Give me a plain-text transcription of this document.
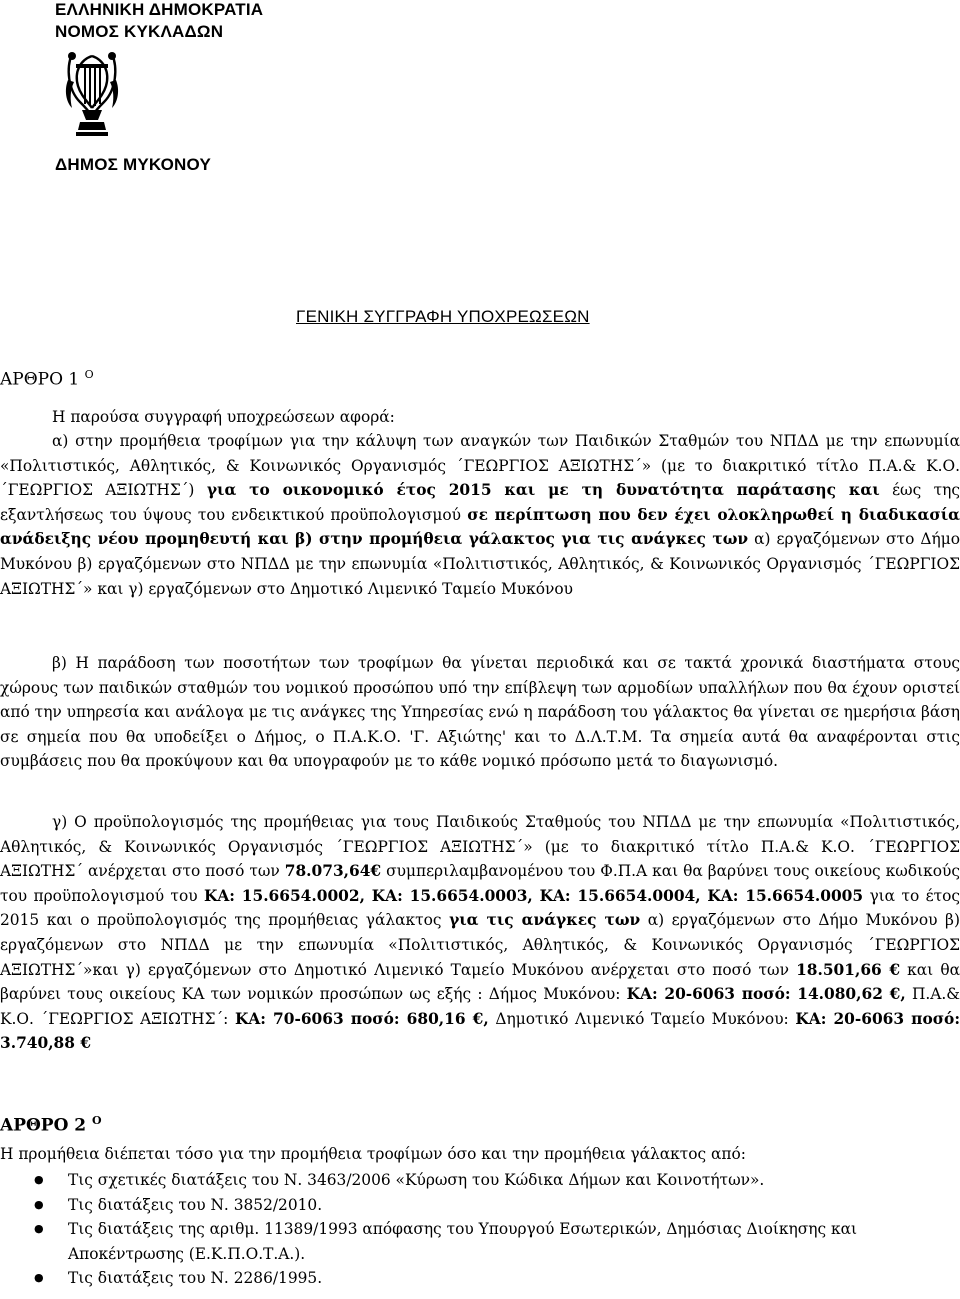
ΕΛΛΗΝΙΚΗ ΔΗΜΟΚΡΑΤΙΑ
ΝΟΜΟΣ ΚΥΚΛΑΔΩΝ
ΔΗΜΟΣ ΜΥΚΟΝΟΥ
ΓΕΝΙΚΗ ΣΥΓΓΡΑΦΗ ΥΠΟΧΡΕΩΣΕΩΝ
ΑΡΘΡΟ 1 $^O$
Η παρούσα συγγραφή υποχρεώσεων αφορά:
α) στην προμήθεια τροφίμων για την κάλυψη των αναγκών των Παιδικών Σταθμών του ΝΠΔΔ με την επωνυμία «Πολιτιστικός, Αθλητικός, & Κοινωνικός Οργανισμός ΄ΓΕΩΡΓΙΟΣ ΑΞΙΩΤΗΣ΄» (με το διακριτικό τίτλο Π.Α.& Κ.Ο. ΄ΓΕΩΡΓΙΟΣ ΑΞΙΩΤΗΣ΄) για το οικονομικό έτος 2015 και με τη δυνατότητα παράτασης και έως της εξαντλήσεως του ύψους του ενδεικτικού προϋπολογισμού σε περίπτωση που δεν έχει ολοκληρωθεί η διαδικασία ανάδειξης νέου προμηθευτή και β) στην προμήθεια γάλακτος για τις ανάγκες των α) εργαζόμενων στο Δήμο Μυκόνου β) εργαζόμενων στο ΝΠΔΔ με την επωνυμία «Πολιτιστικός, Αθλητικός, & Κοινωνικός Οργανισμός ΄ΓΕΩΡΓΙΟΣ ΑΞΙΩΤΗΣ΄» και γ) εργαζόμενων στο Δημοτικό Λιμενικό Ταμείο Μυκόνου
β) Η παράδοση των ποσοτήτων των τροφίμων θα γίνεται περιοδικά και σε τακτά χρονικά διαστήματα στους χώρους των παιδικών σταθμών του νομικού προσώπου υπό την επίβλεψη των αρμοδίων υπαλλήλων που θα έχουν οριστεί από την υπηρεσία και ανάλογα με τις ανάγκες της Υπηρεσίας ενώ η παράδοση του γάλακτος θα γίνεται σε ημερήσια βάση σε σημεία που θα υποδείξει ο Δήμος, ο Π.Α.Κ.Ο. 'Γ. Αξιώτης' και το Δ.Λ.Τ.Μ. Τα σημεία αυτά θα αναφέρονται στις συμβάσεις που θα προκύψουν και θα υπογραφούν με το κάθε νομικό πρόσωπο μετά το διαγωνισμό.
γ) Ο προϋπολογισμός της προμήθειας για τους Παιδικούς Σταθμούς του ΝΠΔΔ με την επωνυμία «Πολιτιστικός, Αθλητικός, & Κοινωνικός Οργανισμός ΄ΓΕΩΡΓΙΟΣ ΑΞΙΩΤΗΣ΄» (με το διακριτικό τίτλο Π.Α.& Κ.Ο. ΄ΓΕΩΡΓΙΟΣ ΑΞΙΩΤΗΣ΄ ανέρχεται στο ποσό των 78.073,64€ συμπεριλαμβανομένου του Φ.Π.Α και θα βαρύνει τους οικείους κωδικούς του προϋπολογισμού του ΚΑ: 15.6654.0002, ΚΑ: 15.6654.0003, ΚΑ: 15.6654.0004, ΚΑ: 15.6654.0005 για το έτος 2015 και ο προϋπολογισμός της προμήθειας γάλακτος για τις ανάγκες των α) εργαζόμενων στο Δήμο Μυκόνου β) εργαζόμενων στο ΝΠΔΔ με την επωνυμία «Πολιτιστικός, Αθλητικός, & Κοινωνικός Οργανισμός ΄ΓΕΩΡΓΙΟΣ ΑΞΙΩΤΗΣ΄»και γ) εργαζόμενων στο Δημοτικό Λιμενικό Ταμείο Μυκόνου ανέρχεται στο ποσό των 18.501,66 € και θα βαρύνει τους οικείους ΚΑ των νομικών προσώπων ως εξής : Δήμος Μυκόνου: ΚΑ: 20-6063 ποσό: 14.080,62 €, Π.Α.& Κ.Ο. ΄ΓΕΩΡΓΙΟΣ ΑΞΙΩΤΗΣ΄: ΚΑ: 70-6063 ποσό: 680,16 €, Δημοτικό Λιμενικό Ταμείο Μυκόνου: ΚΑ: 20-6063 ποσό: 3.740,88 €
ΑΡΘΡΟ 2 $^O$
Η προμήθεια διέπεται τόσο για την προμήθεια τροφίμων όσο και την προμήθεια γάλακτος από:
● Τις σχετικές διατάξεις του Ν. 3463/2006 «Κύρωση του Κώδικα Δήμων και Κοινοτήτων».
● Τις διατάξεις του Ν. 3852/2010.
● Τις διατάξεις της αριθμ. 11389/1993 απόφασης του Υπουργού Εσωτερικών, Δημόσιας Διοίκησης και Αποκέντρωσης (Ε.Κ.Π.Ο.Τ.Α.).
● Τις διατάξεις του Ν. 2286/1995.
